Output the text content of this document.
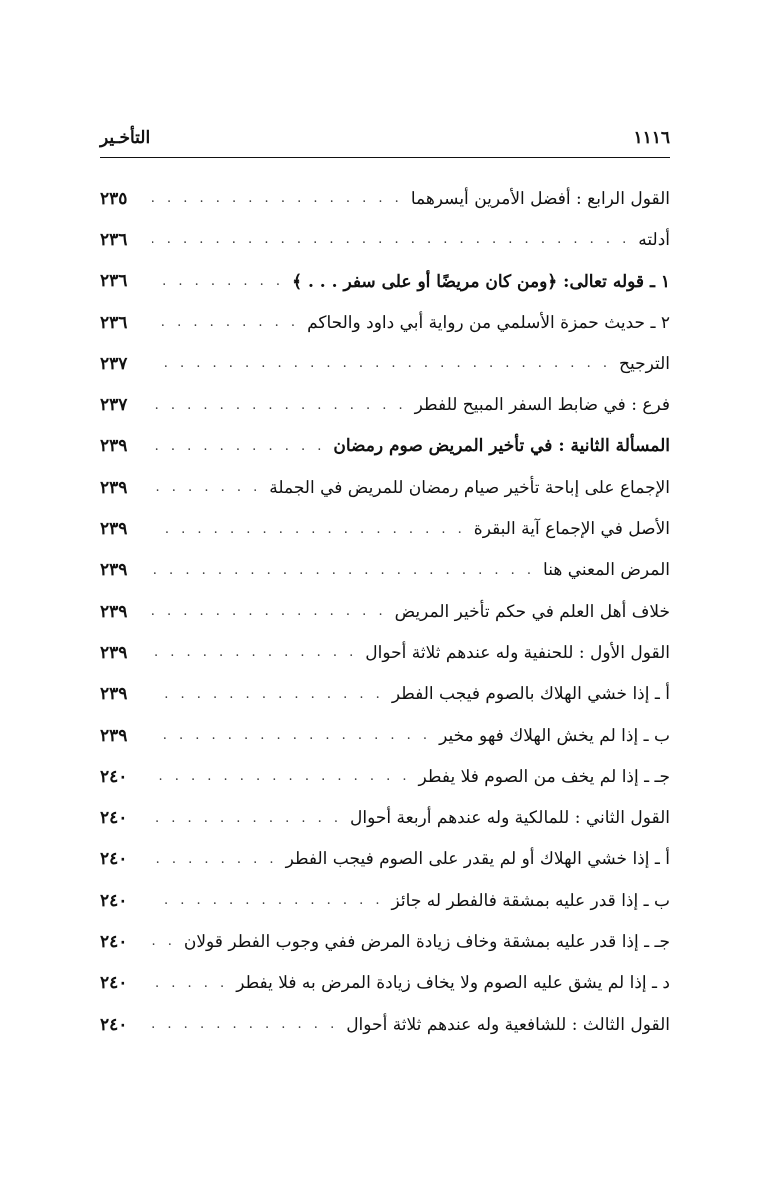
١١١٦
التأخـير
القول الرابع : أفضل الأمرين أيسرهما
. . .
٢٣٥
أدلته
. . .
٢٣٦
١ ـ قوله تعالى: ﴿ومن كان مريضًا أو على سفر . . . ﴾
. . .
٢٣٦
٢ ـ حديث حمزة الأسلمي من رواية أبي داود والحاكم
. . .
٢٣٦
الترجيح
. . .
٢٣٧
فرع : في ضابط السفر المبيح للفطر
. . .
٢٣٧
المسألة الثانية : في تأخير المريض صوم رمضان
. . .
٢٣٩
الإجماع على إباحة تأخير صيام رمضان للمريض في الجملة
. . .
٢٣٩
الأصل في الإجماع آية البقرة
. . .
٢٣٩
المرض المعني هنا
. . .
٢٣٩
خلاف أهل العلم في حكم تأخير المريض
. . .
٢٣٩
القول الأول : للحنفية وله عندهم ثلاثة أحوال
. . .
٢٣٩
أ ـ إذا خشي الهلاك بالصوم فيجب الفطر
. . .
٢٣٩
ب ـ إذا لم يخش الهلاك فهو مخير
. . .
٢٣٩
جـ ـ إذا لم يخف من الصوم فلا يفطر
. . .
٢٤٠
القول الثاني : للمالكية وله عندهم أربعة أحوال
. . .
٢٤٠
أ ـ إذا خشي الهلاك أو لم يقدر على الصوم فيجب الفطر
. . .
٢٤٠
ب ـ إذا قدر عليه بمشقة فالفطر له جائز
. . .
٢٤٠
جـ ـ إذا قدر عليه بمشقة وخاف زيادة المرض ففي وجوب الفطر قولان
. . .
٢٤٠
د ـ إذا لم يشق عليه الصوم ولا يخاف زيادة المرض به فلا يفطر
. . .
٢٤٠
القول الثالث : للشافعية وله عندهم ثلاثة أحوال
. . .
٢٤٠
